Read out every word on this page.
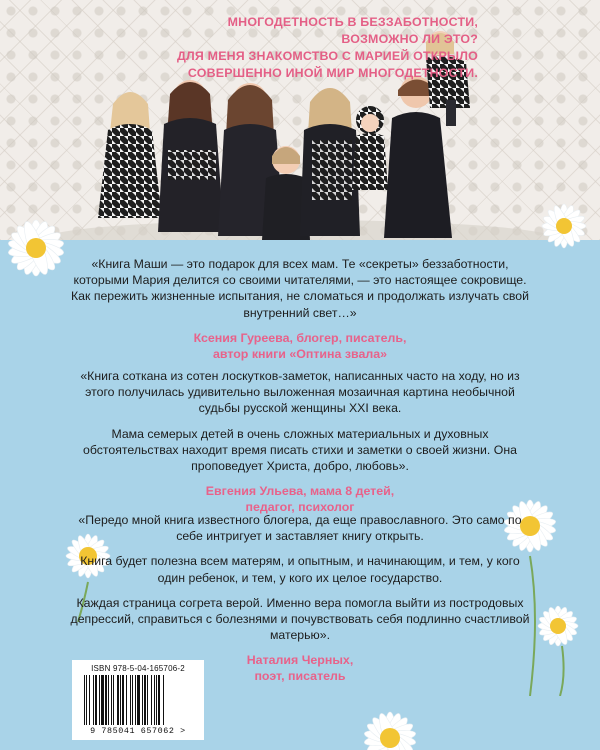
МНОГОДЕТНОСТЬ В БЕЗЗАБОТНОСТИ,
ВОЗМОЖНО ЛИ ЭТО?
ДЛЯ МЕНЯ ЗНАКОМСТВО С МАРИЕЙ ОТКРЫЛО
СОВЕРШЕННО ИНОЙ МИР МНОГОДЕТНОСТИ.

«Книга Маши — это подарок для всех мам. Те «секреты» беззаботности, которыми Мария делится со своими читателями, — это настоящее сокровище. Как пережить жизненные испытания, не сломаться и продолжать излучать свой внутренний свет…»

Ксения Гуреева, блогер, писатель,
автор книги «Оптина звала»

«Книга соткана из сотен лоскутков-заметок, написанных часто на ходу, но из этого получилась удивительно выложенная мозаичная картина необычной судьбы русской женщины XXI века.

Мама семерых детей в очень сложных материальных и духовных обстоятельствах находит время писать стихи и заметки о своей жизни. Она проповедует Христа, добро, любовь».

Евгения Ульева, мама 8 детей,
педагог, психолог

«Передо мной книга известного блогера, да еще православного. Это само по себе интригует и заставляет книгу открыть.

Книга будет полезна всем матерям, и опытным, и начинающим, и тем, у кого один ребенок, и тем, у кого их целое государство.

Каждая страница согрета верой. Именно вера помогла выйти из постродовых депрессий, справиться с болезнями и почувствовать себя подлинно счастливой матерью».

Наталия Черных,
поэт, писатель
ISBN 978-5-04-165706-2
9 785041 657062 >
